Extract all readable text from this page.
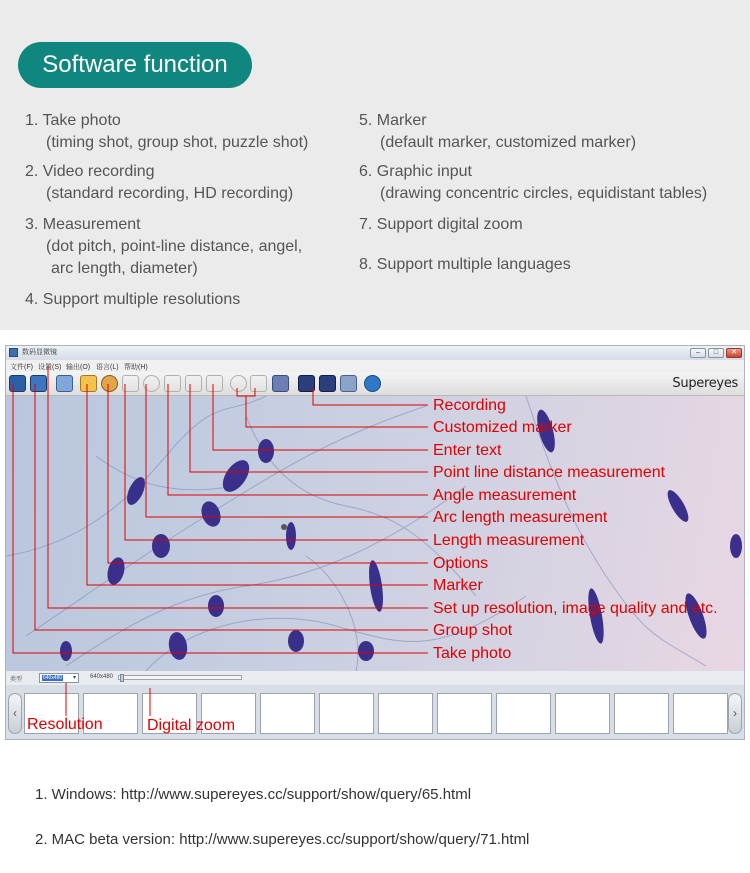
Software function
1. Take photo
(timing shot, group shot, puzzle shot)
2. Video recording
(standard recording, HD recording)
3. Measurement
(dot pitch, point-line distance, angel,
arc length, diameter)
4. Support multiple resolutions
5. Marker
(default marker, customized marker)
6. Graphic input
(drawing concentric circles, equidistant tables)
7. Support digital zoom
8. Support multiple languages
数码显微镜	–	□	✕
文件(F) 设置(S) 输出(O) 语言(L) 帮助(H)
Supereyes
类型	640x480 ▾ 640x480
‹	›
Recording
Customized marker
Enter text
Point line distance measurement
Angle measurement
Arc length measurement
Length measurement
Options
Marker
Set up resolution, image quality and etc.
Group shot
Take photo
Resolution	Digital zoom
1. Windows: http://www.supereyes.cc/support/show/query/65.html
2. MAC beta version: http://www.supereyes.cc/support/show/query/71.html
